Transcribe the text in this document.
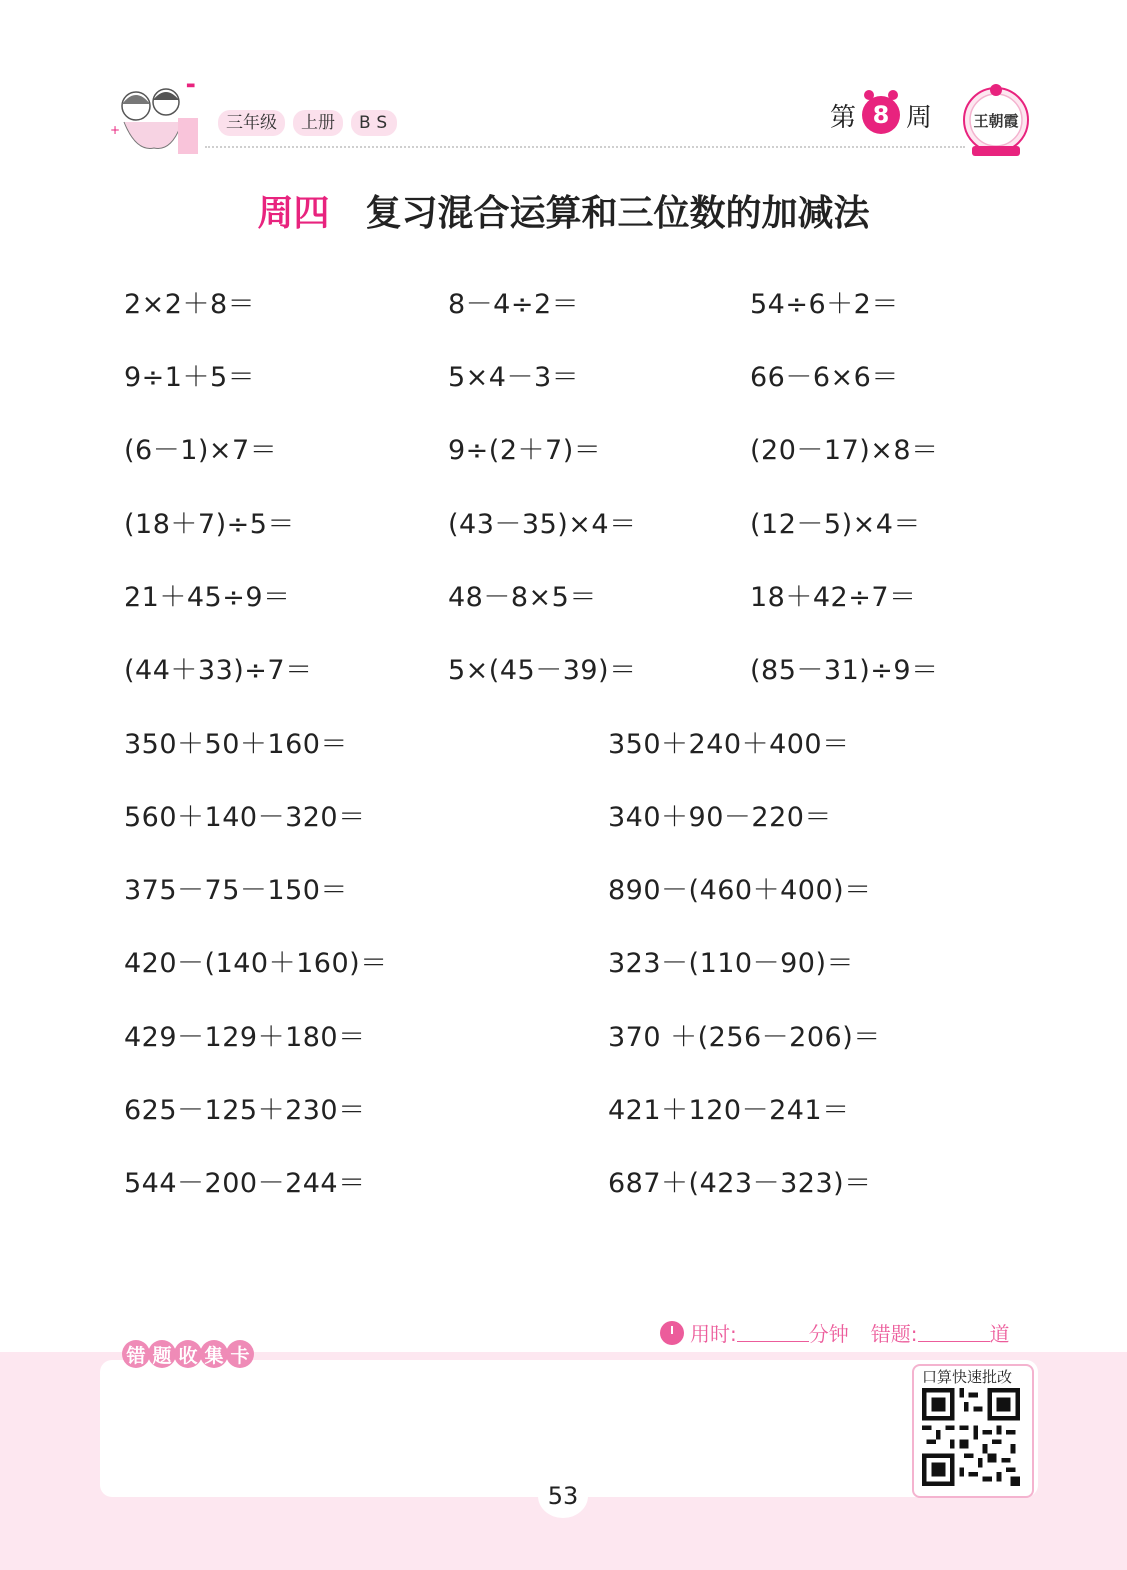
+
▬
三年级	上册	BS	第 8 周	王朝霞
周四 复习混合运算和三位数的加减法
2×2＋8＝	8－4÷2＝	54÷6＋2＝
9÷1＋5＝	5×4－3＝	66－6×6＝
(6－1)×7＝	9÷(2＋7)＝	(20－17)×8＝
(18＋7)÷5＝	(43－35)×4＝	(12－5)×4＝
21＋45÷9＝	48－8×5＝	18＋42÷7＝
(44＋33)÷7＝	5×(45－39)＝	(85－31)÷9＝
350＋50＋160＝	350＋240＋400＝
560＋140－320＝	340＋90－220＝
375－75－150＝	890－(460＋400)＝
420－(140＋160)＝	323－(110－90)＝
429－129＋180＝	370 ＋(256－206)＝
625－125＋230＝	421＋120－241＝
544－200－244＝	687＋(423－323)＝
用时:	分钟 错题:	道
错 题 收 集 卡
口算快速批改
53
